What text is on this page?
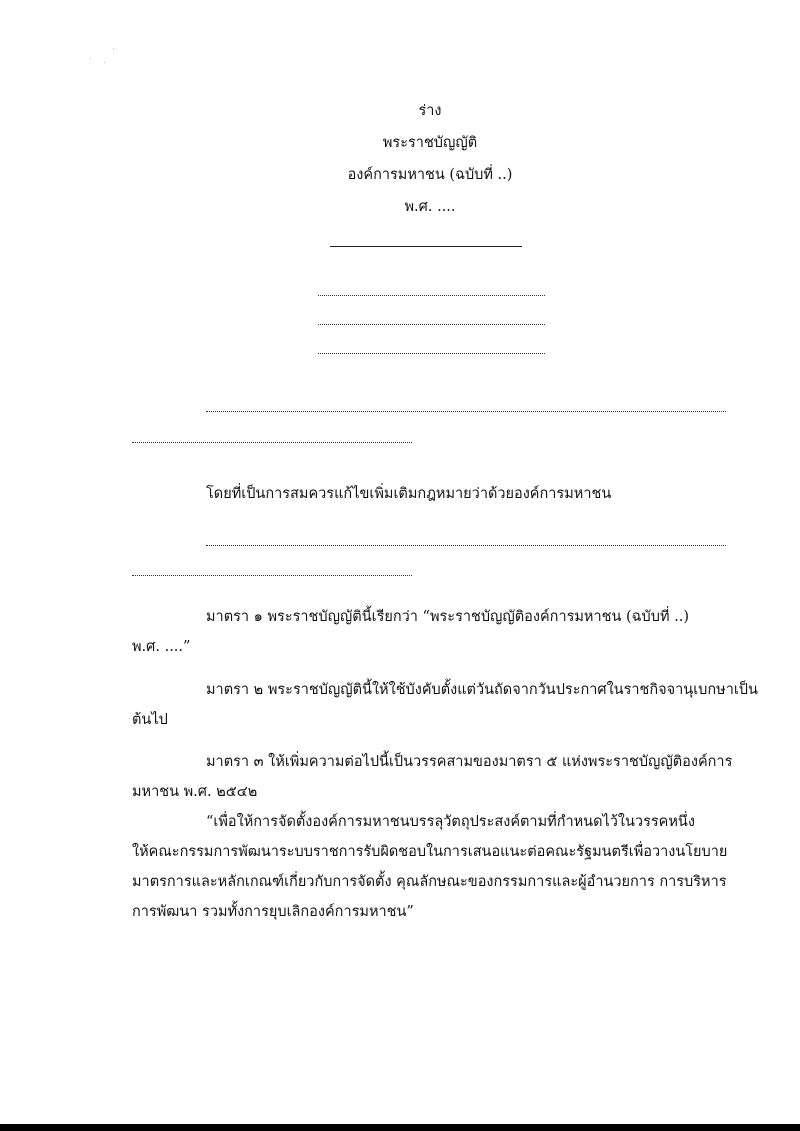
ร่าง
พระราชบัญญัติ
องค์การมหาชน (ฉบับที่ ..)
พ.ศ. ....
โดยที่เป็นการสมควรแก้ไขเพิ่มเติมกฎหมายว่าด้วยองค์การมหาชน
มาตรา ๑ พระราชบัญญัตินี้เรียกว่า “พระราชบัญญัติองค์การมหาชน (ฉบับที่ ..)
พ.ศ. ....”
มาตรา ๒ พระราชบัญญัตินี้ให้ใช้บังคับตั้งแต่วันถัดจากวันประกาศในราชกิจจานุเบกษาเป็น
ต้นไป
มาตรา ๓ ให้เพิ่มความต่อไปนี้เป็นวรรคสามของมาตรา ๕ แห่งพระราชบัญญัติองค์การ
มหาชน พ.ศ. ๒๕๔๒
“เพื่อให้การจัดตั้งองค์การมหาชนบรรลุวัตถุประสงค์ตามที่กำหนดไว้ในวรรคหนึ่ง
ให้คณะกรรมการพัฒนาระบบราชการรับผิดชอบในการเสนอแนะต่อคณะรัฐมนตรีเพื่อวางนโยบาย
มาตรการและหลักเกณฑ์เกี่ยวกับการจัดตั้ง คุณลักษณะของกรรมการและผู้อำนวยการ การบริหาร
การพัฒนา รวมทั้งการยุบเลิกองค์การมหาชน”
